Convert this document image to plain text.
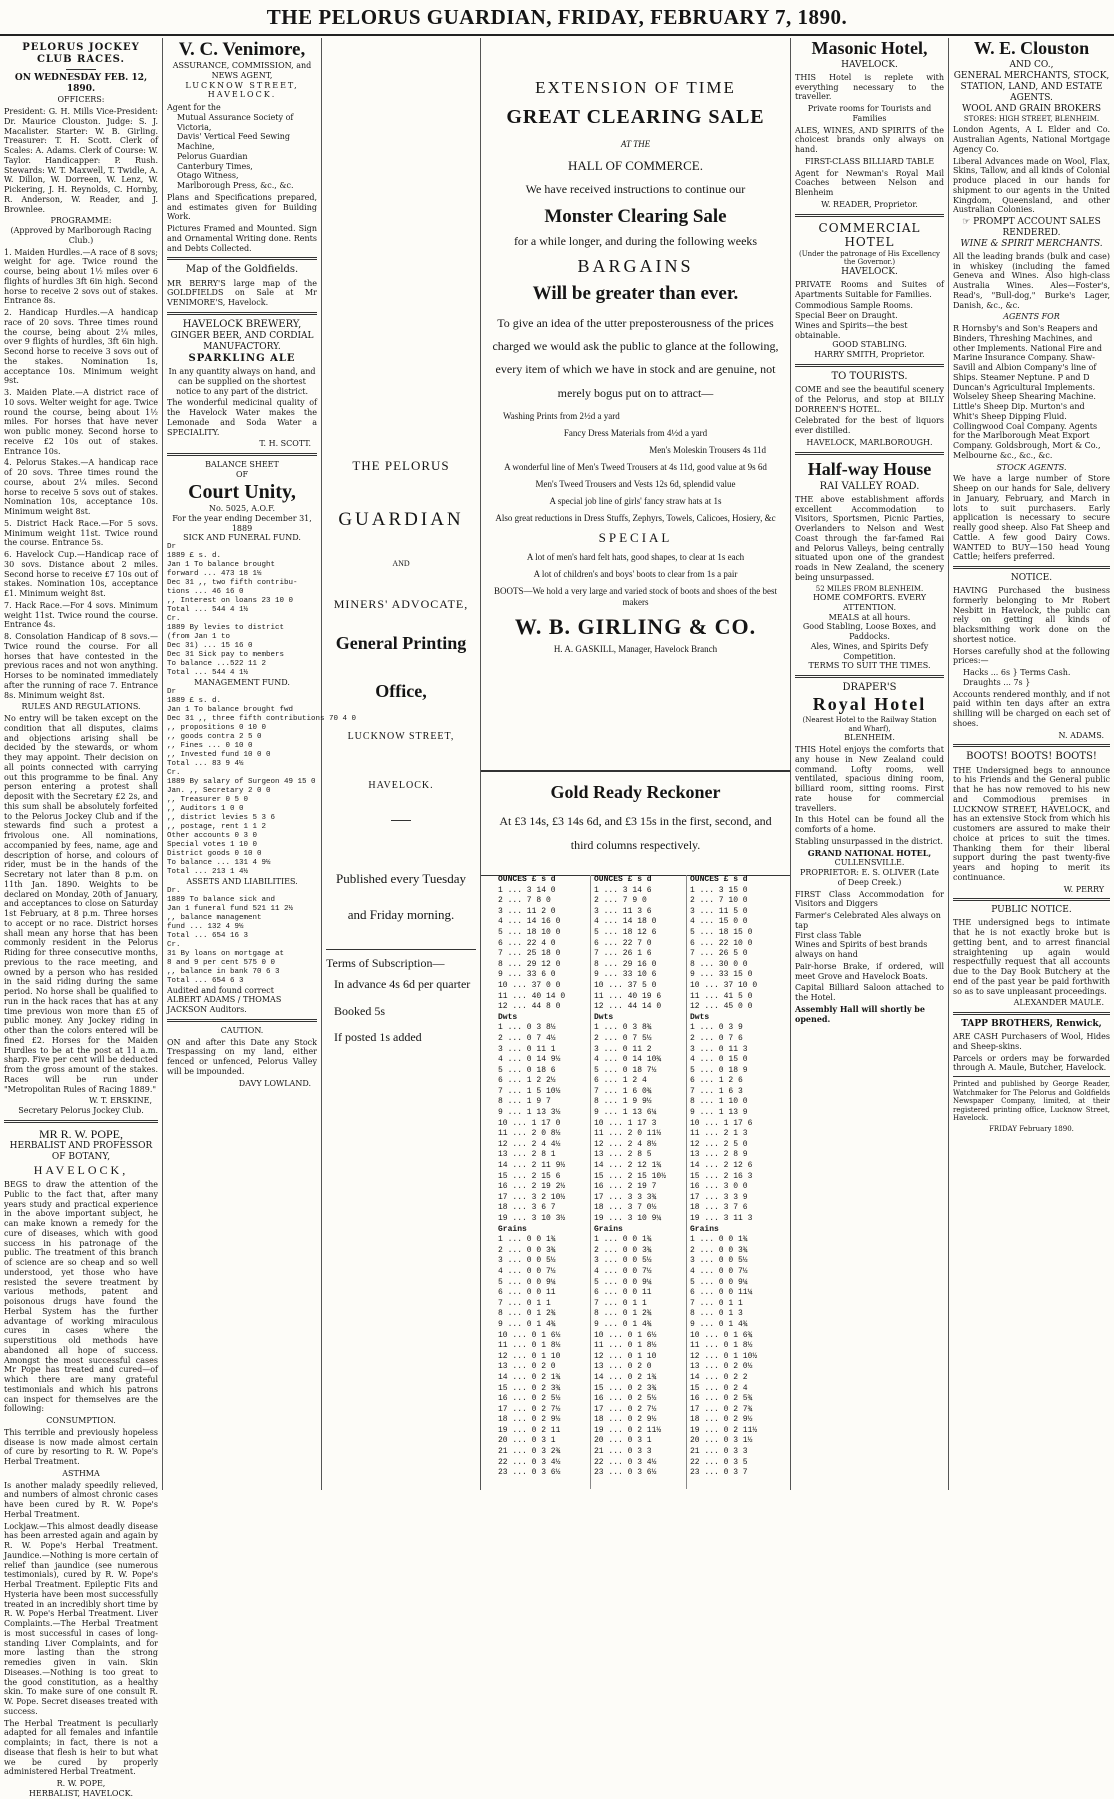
THE PELORUS GUARDIAN, FRIDAY, FEBRUARY 7, 1890.
PELORUS JOCKEY CLUB RACES.
ON WEDNESDAY FEB. 12, 1890.
OFFICERS:

President: G. H. Mills Vice-President: Dr. Maurice Clouston. Judge: S. J. Macalister. Starter: W. B. Girling. Treasurer: T. H. Scott. Clerk of Scales: A. Adams. Clerk of Course: W. Taylor. Handicapper: P. Rush. Stewards: W. T. Maxwell, T. Twidle, A. W. Dillon, W. Dorreen, W. Lenz, W. Pickering, J. H. Reynolds, C. Hornby, R. Anderson, W. Reader, and J. Brownlee.

PROGRAMME:
(Approved by Marlborough Racing Club.)

1. Maiden Hurdles.—A race of 8 sovs; weight for age. Twice round the course, being about 1½ miles over 6 flights of hurdles 3ft 6in high. Second horse to receive 2 sovs out of stakes. Entrance 8s.

2. Handicap Hurdles.—A handicap race of 20 sovs. Three times round the course, being about 2¼ miles, over 9 flights of hurdles, 3ft 6in high. Second horse to receive 3 sovs out of the stakes. Nomination 1s, acceptance 10s. Minimum weight 9st.

3. Maiden Plate.—A district race of 10 sovs. Welter weight for age. Twice round the course, being about 1½ miles. For horses that have never won public money. Second horse to receive £2 10s out of stakes. Entrance 10s.

4. Pelorus Stakes.—A handicap race of 20 sovs. Three times round the course, about 2¼ miles. Second horse to receive 5 sovs out of stakes. Nomination 10s, acceptance 10s. Minimum weight 8st.

5. District Hack Race.—For 5 sovs. Minimum weight 11st. Twice round the course. Entrance 5s.

6. Havelock Cup.—Handicap race of 30 sovs. Distance about 2 miles. Second horse to receive £7 10s out of stakes. Nomination 10s, acceptance £1. Minimum weight 8st.

7. Hack Race.—For 4 sovs. Minimum weight 11st. Twice round the course. Entrance 4s.

8. Consolation Handicap of 8 sovs.—Twice round the course. For all horses that have contested in the previous races and not won anything. Horses to be nominated immediately after the running of race 7. Entrance 8s. Minimum weight 8st.

RULES AND REGULATIONS.

No entry will be taken except on the condition that all disputes, claims and objections arising shall be decided by the stewards, or whom they may appoint. Their decision on all points connected with carrying out this programme to be final. Any person entering a protest shall deposit with the Secretary £2 2s, and this sum shall be absolutely forfeited to the Pelorus Jockey Club and if the stewards find such a protest a frivolous one. All nominations, accompanied by fees, name, age and description of horse, and colours of rider, must be in the hands of the Secretary not later than 8 p.m. on 11th Jan. 1890. Weights to be declared on Monday, 20th of January, and acceptances to close on Saturday 1st February, at 8 p.m. Three horses to accept or no race. District horses shall mean any horse that has been commonly resident in the Pelorus Riding for three consecutive months, previous to the race meeting, and owned by a person who has resided in the said riding during the same period. No horse shall be qualified to run in the hack races that has at any time previous won more than £5 of public money. Any Jockey riding in other than the colors entered will be fined £2. Horses for the Maiden Hurdles to be at the post at 11 a.m. sharp. Five per cent will be deducted from the gross amount of the stakes. Races will be run under "Metropolitan Rules of Racing 1889."

W. T. ERSKINE,
Secretary Pelorus Jockey Club.
MR R. W. POPE,
HERBALIST AND PROFESSOR OF BOTANY,
HAVELOCK,

BEGS to draw the attention of the Public to the fact that, after many years study and practical experience in the above important subject, he can make known a remedy for the cure of diseases, which with good success in his patronage of the public. The treatment of this branch of science are so cheap and so well understood, yet those who have resisted the severe treatment by various methods, patent and poisonous drugs have found the Herbal System has the further advantage of working miraculous cures in cases where the superstitious old methods have abandoned all hope of success. Amongst the most successful cases Mr Pope has treated and cured—of which there are many grateful testimonials and which his patrons can inspect for themselves are the following:

CONSUMPTION.

This terrible and previously hopeless disease is now made almost certain of cure by resorting to R. W. Pope's Herbal Treatment.

ASTHMA

Is another malady speedily relieved, and numbers of almost chronic cases have been cured by R. W. Pope's Herbal Treatment.

Lockjaw.—This almost deadly disease has been arrested again and again by R. W. Pope's Herbal Treatment. Jaundice.—Nothing is more certain of relief than jaundice (see numerous testimonials), cured by R. W. Pope's Herbal Treatment. Epileptic Fits and Hysteria have been most successfully treated in an incredibly short time by R. W. Pope's Herbal Treatment. Liver Complaints.—The Herbal Treatment is most successful in cases of long-standing Liver Complaints, and for more lasting than the strong remedies given in vain. Skin Diseases.—Nothing is too great to the good constitution, as a healthy skin. To make sure of one consult R. W. Pope. Secret diseases treated with success.

The Herbal Treatment is peculiarly adapted for all females and infantile complaints; in fact, there is not a disease that flesh is heir to but what we be cured by properly administered Herbal Treatment.

R. W. POPE,
HERBALIST, HAVELOCK.
V. C. Venimore,
ASSURANCE, COMMISSION, and NEWS AGENT,
LUCKNOW STREET,
HAVELOCK.
Agent for the
Mutual Assurance Society of Victoria,
Davis' Vertical Feed Sewing Machine,
Pelorus Guardian
Canterbury Times,
Otago Witness,
Marlborough Press, &c., &c.

Plans and Specifications prepared, and estimates given for Building Work.

Pictures Framed and Mounted. Sign and Ornamental Writing done. Rents and Debts Collected.

Map of the Goldfields.

MR BERRY'S large map of the GOLDFIELDS on Sale at Mr VENIMORE'S, Havelock.

HAVELOCK BREWERY,
GINGER BEER, AND CORDIAL MANUFACTORY.
SPARKLING ALE

In any quantity always on hand, and can be supplied on the shortest notice to any part of the district.

The wonderful medicinal quality of the Havelock Water makes the Lemonade and Soda Water a SPECIALITY.

T. H. SCOTT.
BALANCE SHEET
OF
Court Unity,
No. 5025, A.O.F.
For the year ending December 31, 1889
SICK AND FUNERAL FUND.
Dr
1889 £ s. d.
Jan 1 To balance brought
forward ... 473 18 1½
Dec 31 ,, two fifth contribu-
tions ... 46 16 0
,, Interest on loans 23 10 0
Total ... 544 4 1½
Cr.
1889 By levies to district
(from Jan 1 to
Dec 31) ... 15 16 0
Dec 31 Sick pay to members
To balance ...522 11 2
Total ... 544 4 1½
MANAGEMENT FUND.
Dr
1889 £ s. d.
Jan 1 To balance brought fwd
Dec 31 ,, three fifth contributions 70 4 0
,, propositions 0 10 0
,, goods contra 2 5 0
,, Fines ... 0 10 0
,, Invested fund 10 0 0
Total ... 83 9 4½
Cr.
1889 By salary of Surgeon 49 15 0
Jan. ,, Secretary 2 0 0
,, Treasurer 0 5 0
,, Auditors 1 0 0
,, district levies 5 3 6
,, postage, rent 1 1 2
Other accounts 0 3 0
Special votes 1 10 0
District goods 0 10 0
To balance ... 131 4 9½
Total ... 213 1 4½
ASSETS AND LIABILITIES.
Dr.
1889 To balance sick and
Jan 1 funeral fund 521 11 2½
,, balance management
fund ... 132 4 9½
Total ... 654 16 3
Cr.
31 By loans on mortgage at
8 and 9 per cent 575 0 0
,, balance in bank 70 6 3
Total ... 654 6 3
Audited and found correct
ALBERT ADAMS / THOMAS JACKSON Auditors.
CAUTION.

ON and after this Date any Stock Trespassing on my land, either fenced or unfenced, Pelorus Valley will be impounded.

DAVY LOWLAND.
THE PELORUS
GUARDIAN
AND
MINERS' ADVOCATE,
General Printing
Office,
LUCKNOW STREET,
HAVELOCK.
Published every Tuesday and Friday morning.
Terms of Subscription—
In advance 4s 6d per quarter
Booked 5s
If posted 1s added
EXTENSION OF TIME
GREAT CLEARING SALE
AT THE
HALL OF COMMERCE.
We have received instructions to continue our
Monster Clearing Sale
for a while longer, and during the following weeks
BARGAINS
Will be greater than ever.
To give an idea of the utter preposterousness of the prices charged we would ask the public to glance at the following, every item of which we have in stock and are genuine, not merely bogus put on to attract—
Washing Prints from 2½d a yard
Fancy Dress Materials from 4½d a yard
Men's Moleskin Trousers 4s 11d
A wonderful line of Men's Tweed Trousers at 4s 11d, good value at 9s 6d
Men's Tweed Trousers and Vests 12s 6d, splendid value
A special job line of girls' fancy straw hats at 1s
Also great reductions in Dress Stuffs, Zephyrs, Towels, Calicoes, Hosiery, &c
SPECIAL
A lot of men's hard felt hats, good shapes, to clear at 1s each
A lot of children's and boys' boots to clear from 1s a pair
BOOTS—We hold a very large and varied stock of boots and shoes of the best makers
W. B. GIRLING & CO.
H. A. GASKILL, Manager, Havelock Branch
Gold Ready Reckoner
At £3 14s, £3 14s 6d, and £3 15s in the first, second, and third columns respectively.
OUNCES £ s d
1 ... 3 14 0
2 ... 7 8 0
3 ... 11 2 0
4 ... 14 16 0
5 ... 18 10 0
6 ... 22 4 0
7 ... 25 18 0
8 ... 29 12 0
9 ... 33 6 0
10 ... 37 0 0
11 ... 40 14 0
12 ... 44 8 0
Dwts
1 ... 0 3 8½
2 ... 0 7 4½
3 ... 0 11 1
4 ... 0 14 9½
5 ... 0 18 6
6 ... 1 2 2½
7 ... 1 5 10½
8 ... 1 9 7
9 ... 1 13 3½
10 ... 1 17 0
11 ... 2 0 8½
12 ... 2 4 4½
13 ... 2 8 1
14 ... 2 11 9½
15 ... 2 15 6
16 ... 2 19 2½
17 ... 3 2 10½
18 ... 3 6 7
19 ... 3 10 3½
Grains
1 ... 0 0 1¾
2 ... 0 0 3¾
3 ... 0 0 5½
4 ... 0 0 7½
5 ... 0 0 9¼
6 ... 0 0 11
7 ... 0 1 1
8 ... 0 1 2¾
9 ... 0 1 4¾
10 ... 0 1 6½
11 ... 0 1 8½
12 ... 0 1 10
13 ... 0 2 0
14 ... 0 2 1¾
15 ... 0 2 3¾
16 ... 0 2 5½
17 ... 0 2 7½
18 ... 0 2 9½
19 ... 0 2 11
20 ... 0 3 1
21 ... 0 3 2¾
22 ... 0 3 4½
23 ... 0 3 6½
OUNCES £ s d
1 ... 3 14 6
2 ... 7 9 0
3 ... 11 3 6
4 ... 14 18 0
5 ... 18 12 6
6 ... 22 7 0
7 ... 26 1 6
8 ... 29 16 0
9 ... 33 10 6
10 ... 37 5 0
11 ... 40 19 6
12 ... 44 14 0
Dwts
1 ... 0 3 8¾
2 ... 0 7 5½
3 ... 0 11 2
4 ... 0 14 10¾
5 ... 0 18 7½
6 ... 1 2 4
7 ... 1 6 0¾
8 ... 1 9 9½
9 ... 1 13 6¼
10 ... 1 17 3
11 ... 2 0 11½
12 ... 2 4 8½
13 ... 2 8 5
14 ... 2 12 1¾
15 ... 2 15 10½
16 ... 2 19 7
17 ... 3 3 3¾
18 ... 3 7 0½
19 ... 3 10 9¼
Grains
1 ... 0 0 1¾
2 ... 0 0 3¾
3 ... 0 0 5½
4 ... 0 0 7½
5 ... 0 0 9¼
6 ... 0 0 11
7 ... 0 1 1
8 ... 0 1 2¾
9 ... 0 1 4¾
10 ... 0 1 6½
11 ... 0 1 8½
12 ... 0 1 10
13 ... 0 2 0
14 ... 0 2 1¾
15 ... 0 2 3¾
16 ... 0 2 5½
17 ... 0 2 7½
18 ... 0 2 9½
19 ... 0 2 11½
20 ... 0 3 1
21 ... 0 3 3
22 ... 0 3 4½
23 ... 0 3 6½
OUNCES £ s d
1 ... 3 15 0
2 ... 7 10 0
3 ... 11 5 0
4 ... 15 0 0
5 ... 18 15 0
6 ... 22 10 0
7 ... 26 5 0
8 ... 30 0 0
9 ... 33 15 0
10 ... 37 10 0
11 ... 41 5 0
12 ... 45 0 0
Dwts
1 ... 0 3 9
2 ... 0 7 6
3 ... 0 11 3
4 ... 0 15 0
5 ... 0 18 9
6 ... 1 2 6
7 ... 1 6 3
8 ... 1 10 0
9 ... 1 13 9
10 ... 1 17 6
11 ... 2 1 3
12 ... 2 5 0
13 ... 2 8 9
14 ... 2 12 6
15 ... 2 16 3
16 ... 3 0 0
17 ... 3 3 9
18 ... 3 7 6
19 ... 3 11 3
Grains
1 ... 0 0 1¾
2 ... 0 0 3¾
3 ... 0 0 5½
4 ... 0 0 7½
5 ... 0 0 9¼
6 ... 0 0 11¼
7 ... 0 1 1
8 ... 0 1 3
9 ... 0 1 4¾
10 ... 0 1 6¾
11 ... 0 1 8½
12 ... 0 1 10½
13 ... 0 2 0½
14 ... 0 2 2
15 ... 0 2 4
16 ... 0 2 5¾
17 ... 0 2 7¾
18 ... 0 2 9½
19 ... 0 2 11½
20 ... 0 3 1½
21 ... 0 3 3
22 ... 0 3 5
23 ... 0 3 7
Masonic Hotel,
HAVELOCK.

THIS Hotel is replete with everything necessary to the traveller.

Private rooms for Tourists and Families

ALES, WINES, AND SPIRITS of the choicest brands only always on hand.

FIRST-CLASS BILLIARD TABLE

Agent for Newman's Royal Mail Coaches between Nelson and Blenheim

W. READER, Proprietor.
COMMERCIAL HOTEL
(Under the patronage of His Excellency the Governor.)
HAVELOCK.

PRIVATE Rooms and Suites of Apartments Suitable for Families.

Commodious Sample Rooms.
Special Beer on Draught.
Wines and Spirits—the best obtainable.
GOOD STABLING.
HARRY SMITH, Proprietor.
TO TOURISTS.

COME and see the beautiful scenery of the Pelorus, and stop at BILLY DORREEN'S HOTEL.

Celebrated for the best of liquors ever distilled.

HAVELOCK, MARLBOROUGH.
Half-way House
RAI VALLEY ROAD.

THE above establishment affords excellent Accommodation to Visitors, Sportsmen, Picnic Parties, Overlanders to Nelson and West Coast through the far-famed Rai and Pelorus Valleys, being centrally situated upon one of the grandest roads in New Zealand, the scenery being unsurpassed.

52 MILES FROM BLENHEIM.
HOME COMFORTS. EVERY ATTENTION.
MEALS at all hours.
Good Stabling, Loose Boxes, and Paddocks.
Ales, Wines, and Spirits Defy Competition.
TERMS TO SUIT THE TIMES.
DRAPER'S
Royal Hotel
(Nearest Hotel to the Railway Station and Wharf),
BLENHEIM.

THIS Hotel enjoys the comforts that any house in New Zealand could command. Lofty rooms, well ventilated, spacious dining room, billiard room, sitting rooms. First rate house for commercial travellers.

In this Hotel can be found all the comforts of a home.

Stabling unsurpassed in the district.

GRAND NATIONAL HOTEL,
CULLENSVILLE.
PROPRIETOR: E. S. OLIVER (Late of Deep Creek.)

FIRST Class Accommodation for Visitors and Diggers

Farmer's Celebrated Ales always on tap
First class Table
Wines and Spirits of best brands always on hand

Pair-horse Brake, if ordered, will meet Grove and Havelock Boats.

Capital Billiard Saloon attached to the Hotel.

Assembly Hall will shortly be opened.
W. E. Clouston
AND CO.,
GENERAL MERCHANTS, STOCK, STATION, LAND, AND ESTATE AGENTS.
WOOL AND GRAIN BROKERS
STORES: HIGH STREET, BLENHEIM.

London Agents, A L Elder and Co. Australian Agents, National Mortgage Agency Co.

Liberal Advances made on Wool, Flax, Skins, Tallow, and all kinds of Colonial produce placed in our hands for shipment to our agents in the United Kingdom, Queensland, and other Australian Colonies.

☞ PROMPT ACCOUNT SALES RENDERED.
WINE & SPIRIT MERCHANTS.

All the leading brands (bulk and case) in whiskey (including the famed Geneva and Wines. Also high-class Australia Wines. Ales—Foster's, Read's, "Bull-dog," Burke's Lager, Danish, &c., &c.

AGENTS FOR

R Hornsby's and Son's Reapers and Binders, Threshing Machines, and other Implements. National Fire and Marine Insurance Company. Shaw-Savill and Albion Company's line of Ships. Steamer Neptune. P and D Duncan's Agricultural Implements. Wolseley Sheep Shearing Machine. Little's Sheep Dip. Murton's and Whit's Sheep Dipping Fluid. Collingwood Coal Company. Agents for the Marlborough Meat Export Company. Goldsbrough, Mort & Co., Melbourne &c., &c., &c.

STOCK AGENTS.

We have a large number of Store Sheep on our hands for Sale, delivery in January, February, and March in lots to suit purchasers. Early application is necessary to secure really good sheep. Also Fat Sheep and Cattle. A few good Dairy Cows. WANTED to BUY—150 head Young Cattle; heifers preferred.

NOTICE.

HAVING Purchased the business formerly belonging to Mr Robert Nesbitt in Havelock, the public can rely on getting all kinds of blacksmithing work done on the shortest notice.

Horses carefully shod at the following prices:—

Hacks ... 6s } Terms Cash. Draughts ... 7s }

Accounts rendered monthly, and if not paid within ten days after an extra shilling will be charged on each set of shoes.

N. ADAMS.
BOOTS! BOOTS! BOOTS!

THE Undersigned begs to announce to his Friends and the General public that he has now removed to his new and Commodious premises in LUCKNOW STREET, HAVELOCK, and has an extensive Stock from which his customers are assured to make their choice at prices to suit the times. Thanking them for their liberal support during the past twenty-five years and hoping to merit its continuance.

W. PERRY
PUBLIC NOTICE.

THE undersigned begs to intimate that he is not exactly broke but is getting bent, and to arrest financial straightening up again would respectfully request that all accounts due to the Day Book Butchery at the end of the past year be paid forthwith so as to save unpleasant proceedings.

ALEXANDER MAULE.
TAPP BROTHERS, Renwick,

ARE CASH Purchasers of Wool, Hides and Sheep-skins.

Parcels or orders may be forwarded through A. Maule, Butcher, Havelock.

Printed and published by George Reader, Watchmaker for The Pelorus and Goldfields Newspaper Company, limited, at their registered printing office, Lucknow Street, Havelock.

FRIDAY February 1890.
